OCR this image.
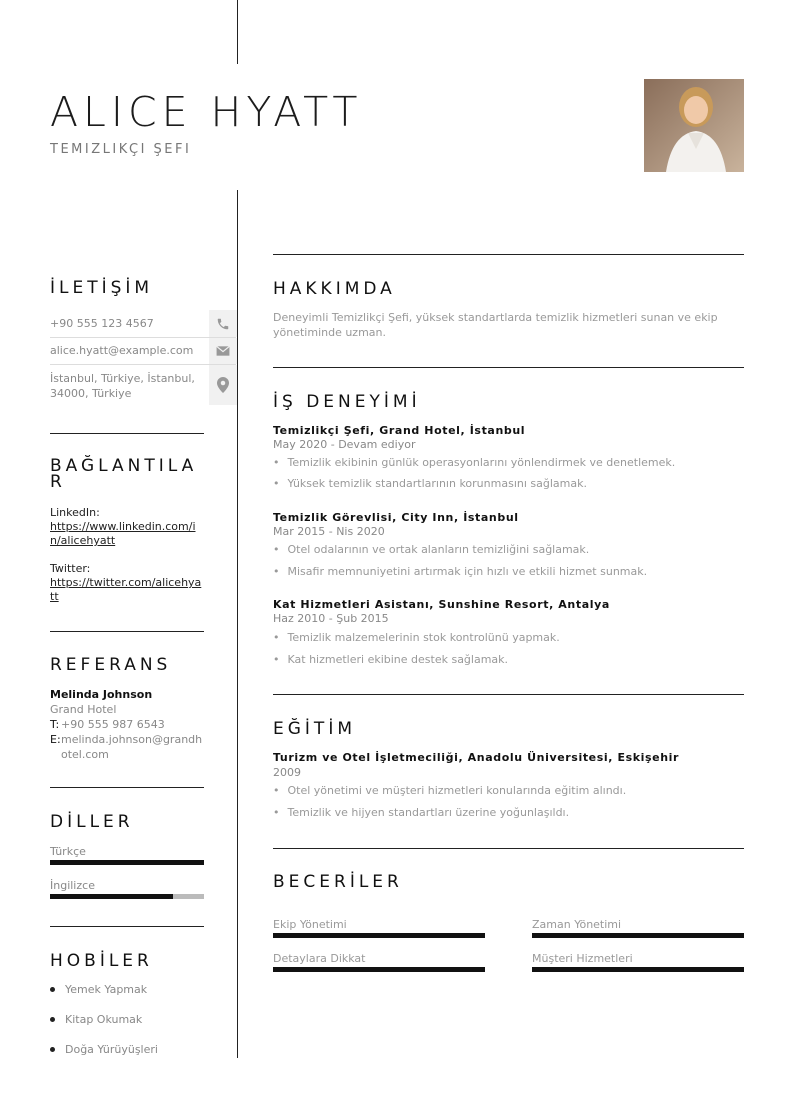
ALICE HYATT
TEMIZLIKÇI ŞEFI
İLETİŞİM
+90 555 123 4567
alice.hyatt@example.com
İstanbul, Türkiye, İstanbul,
34000, Türkiye
BAĞLANTILAR
LinkedIn:
https://www.linkedin.com/in/alicehyatt
Twitter:
https://twitter.com/alicehyatt
REFERANS
Melinda Johnson
Grand Hotel
T: +90 555 987 6543
E: melinda.johnson@grandhotel.com
DİLLER
Türkçe
İngilizce
HOBİLER
Yemek Yapmak
Kitap Okumak
Doğa Yürüyüşleri
HAKKIMDA
Deneyimli Temizlikçi Şefi, yüksek standartlarda temizlik hizmetleri sunan ve ekip yönetiminde uzman.
İŞ DENEYİMİ
Temizlikçi Şefi, Grand Hotel, İstanbul
May 2020 - Devam ediyor
• Temizlik ekibinin günlük operasyonlarını yönlendirmek ve denetlemek.
• Yüksek temizlik standartlarının korunmasını sağlamak.
Temizlik Görevlisi, City Inn, İstanbul
Mar 2015 - Nis 2020
• Otel odalarının ve ortak alanların temizliğini sağlamak.
• Misafir memnuniyetini artırmak için hızlı ve etkili hizmet sunmak.
Kat Hizmetleri Asistanı, Sunshine Resort, Antalya
Haz 2010 - Şub 2015
• Temizlik malzemelerinin stok kontrolünü yapmak.
• Kat hizmetleri ekibine destek sağlamak.
EĞİTİM
Turizm ve Otel İşletmeciliği, Anadolu Üniversitesi, Eskişehir
2009
• Otel yönetimi ve müşteri hizmetleri konularında eğitim alındı.
• Temizlik ve hijyen standartları üzerine yoğunlaşıldı.
BECERİLER
Ekip Yönetimi	Zaman Yönetimi
Detaylara Dikkat	Müşteri Hizmetleri
